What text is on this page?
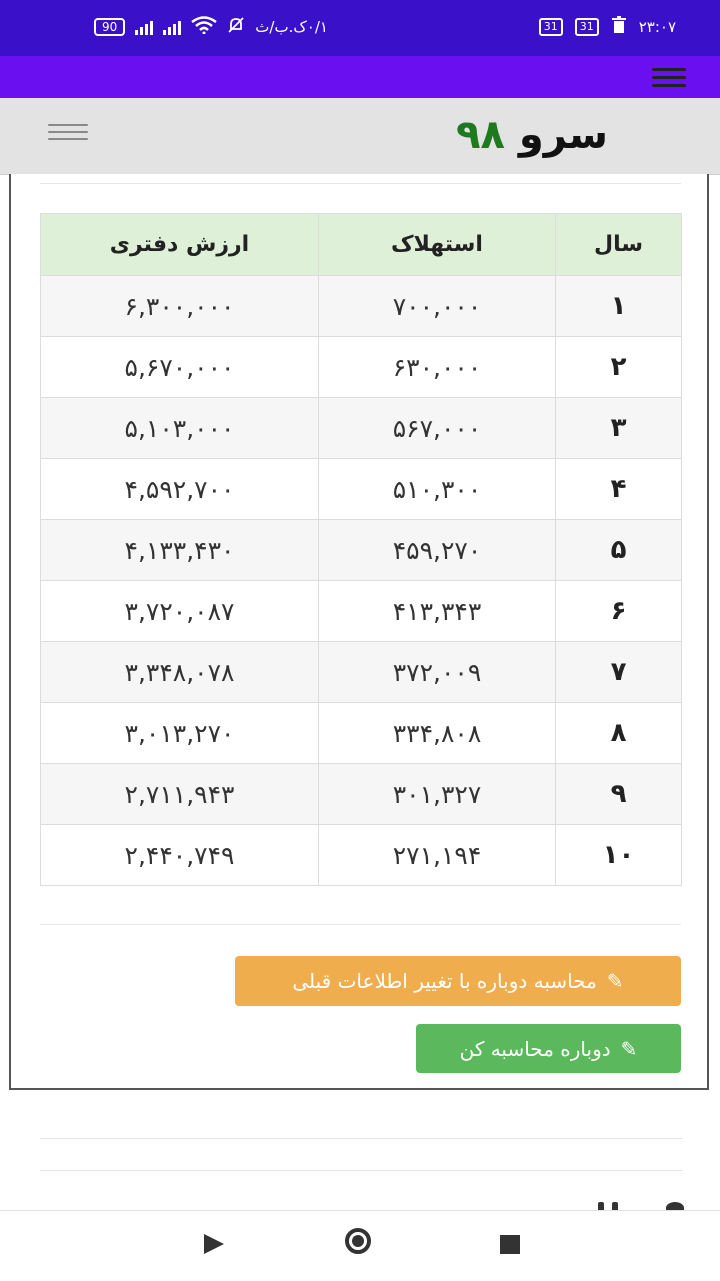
90	۰/۱ک.ب/ث	31	31	۲۳:۰۷
سرو ۹۸
سال	استهلاک	ارزش دفتری
۱	۷۰۰,۰۰۰	۶,۳۰۰,۰۰۰
۲	۶۳۰,۰۰۰	۵,۶۷۰,۰۰۰
۳	۵۶۷,۰۰۰	۵,۱۰۳,۰۰۰
۴	۵۱۰,۳۰۰	۴,۵۹۲,۷۰۰
۵	۴۵۹,۲۷۰	۴,۱۳۳,۴۳۰
۶	۴۱۳,۳۴۳	۳,۷۲۰,۰۸۷
۷	۳۷۲,۰۰۹	۳,۳۴۸,۰۷۸
۸	۳۳۴,۸۰۸	۳,۰۱۳,۲۷۰
۹	۳۰۱,۳۲۷	۲,۷۱۱,۹۴۳
۱۰	۲۷۱,۱۹۴	۲,۴۴۰,۷۴۹
✎
محاسبه دوباره با تغییر اطلاعات قبلی
✎
دوباره محاسبه کن
